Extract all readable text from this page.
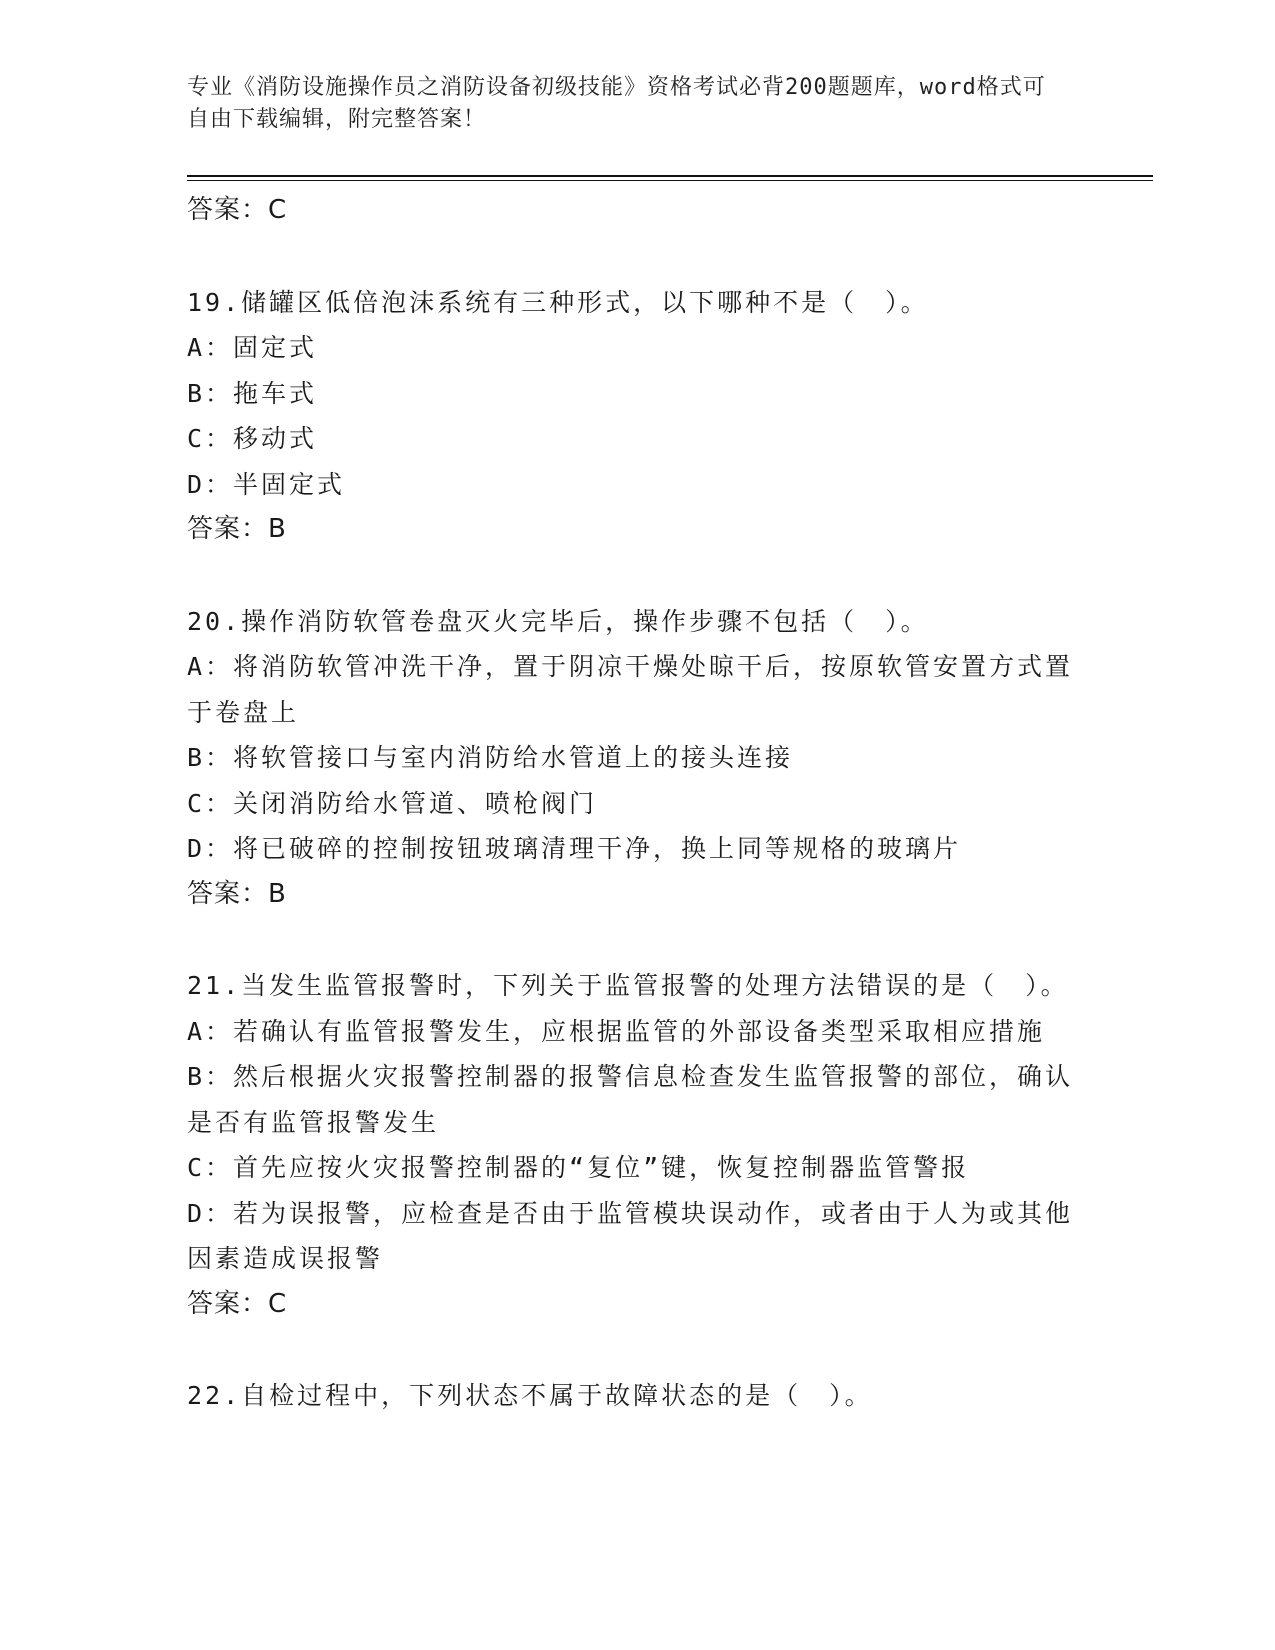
专业《消防设施操作员之消防设备初级技能》资格考试必背200题题库，word格式可自由下载编辑，附完整答案！

答案：C

19.储罐区低倍泡沫系统有三种形式，以下哪种不是（　）。

A：固定式

B：拖车式

C：移动式

D：半固定式

答案：B

20.操作消防软管卷盘灭火完毕后，操作步骤不包括（　）。

A：将消防软管冲洗干净，置于阴凉干燥处晾干后，按原软管安置方式置于卷盘上

B：将软管接口与室内消防给水管道上的接头连接

C：关闭消防给水管道、喷枪阀门

D：将已破碎的控制按钮玻璃清理干净，换上同等规格的玻璃片

答案：B

21.当发生监管报警时，下列关于监管报警的处理方法错误的是（　）。

A：若确认有监管报警发生，应根据监管的外部设备类型采取相应措施

B：然后根据火灾报警控制器的报警信息检查发生监管报警的部位，确认是否有监管报警发生

C：首先应按火灾报警控制器的“复位”键，恢复控制器监管警报

D：若为误报警，应检查是否由于监管模块误动作，或者由于人为或其他因素造成误报警

答案：C

22.自检过程中，下列状态不属于故障状态的是（　）。
